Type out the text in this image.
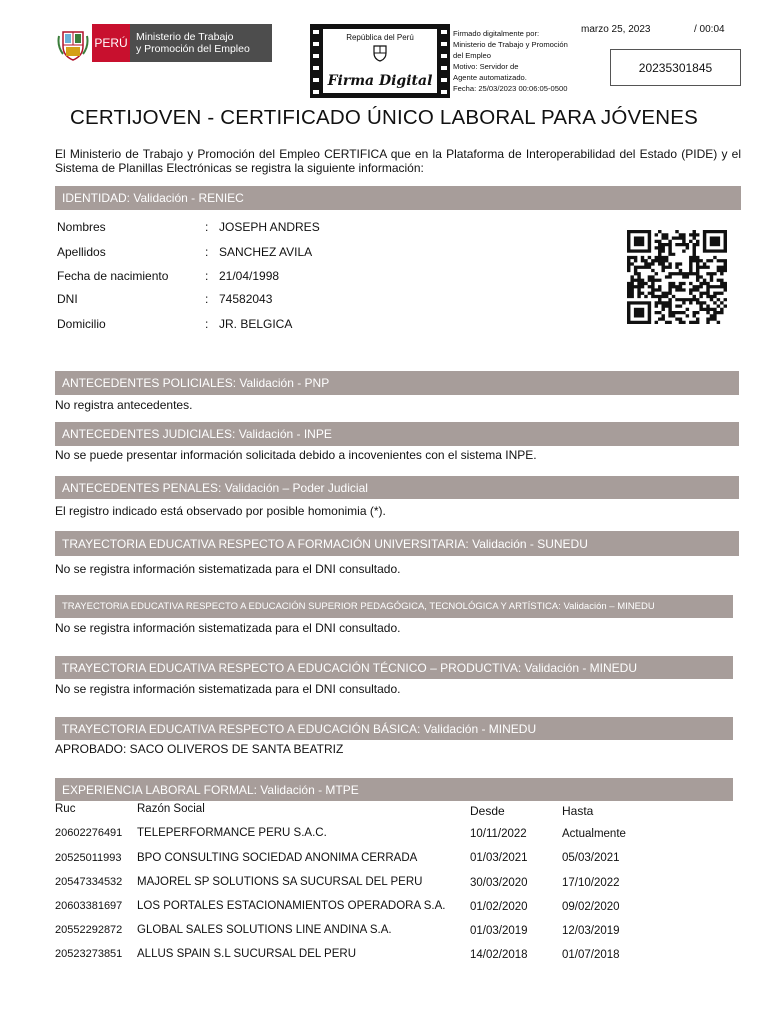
PERÚ Ministerio de Trabajo
y Promoción del Empleo
República del Perú
Firma Digital
Firmado digitalmente por:
Ministerio de Trabajo y Promoción
del Empleo
Motivo: Servidor de
Agente automatizado.
Fecha: 25/03/2023 00:06:05-0500
marzo 25, 2023	/ 00:04
20235301845
CERTIJOVEN - CERTIFICADO ÚNICO LABORAL PARA JÓVENES
El Ministerio de Trabajo y Promoción del Empleo CERTIFICA que en la Plataforma de Interoperabilidad del Estado (PIDE) y el Sistema de Planillas Electrónicas se registra la siguiente información:
IDENTIDAD: Validación - RENIEC
Nombres	: JOSEPH ANDRES
Apellidos	: SANCHEZ AVILA
Fecha de nacimiento	: 21/04/1998
DNI	: 74582043
Domicilio	: JR. BELGICA
ANTECEDENTES POLICIALES: Validación - PNP
No registra antecedentes.
ANTECEDENTES JUDICIALES: Validación - INPE
No se puede presentar información solicitada debido a incovenientes con el sistema INPE.
ANTECEDENTES PENALES: Validación – Poder Judicial
El registro indicado está observado por posible homonimia (*).
TRAYECTORIA EDUCATIVA RESPECTO A FORMACIÓN UNIVERSITARIA: Validación - SUNEDU
No se registra información sistematizada para el DNI consultado.
TRAYECTORIA EDUCATIVA RESPECTO A EDUCACIÓN SUPERIOR PEDAGÓGICA, TECNOLÓGICA Y ARTÍSTICA: Validación – MINEDU
No se registra información sistematizada para el DNI consultado.
TRAYECTORIA EDUCATIVA RESPECTO A EDUCACIÓN TÉCNICO – PRODUCTIVA: Validación - MINEDU
No se registra información sistematizada para el DNI consultado.
TRAYECTORIA EDUCATIVA RESPECTO A EDUCACIÓN BÁSICA: Validación - MINEDU
APROBADO: SACO OLIVEROS DE SANTA BEATRIZ
EXPERIENCIA LABORAL FORMAL: Validación - MTPE
Ruc	Razón Social	Desde	Hasta
20602276491 TELEPERFORMANCE PERU S.A.C.	10/11/2022	Actualmente
20525011993 BPO CONSULTING SOCIEDAD ANONIMA CERRADA	01/03/2021	05/03/2021
20547334532 MAJOREL SP SOLUTIONS SA SUCURSAL DEL PERU	30/03/2020	17/10/2022
20603381697 LOS PORTALES ESTACIONAMIENTOS OPERADORA S.A. 01/02/2020	09/02/2020
20552292872 GLOBAL SALES SOLUTIONS LINE ANDINA S.A.	01/03/2019	12/03/2019
20523273851 ALLUS SPAIN S.L SUCURSAL DEL PERU	14/02/2018	01/07/2018
